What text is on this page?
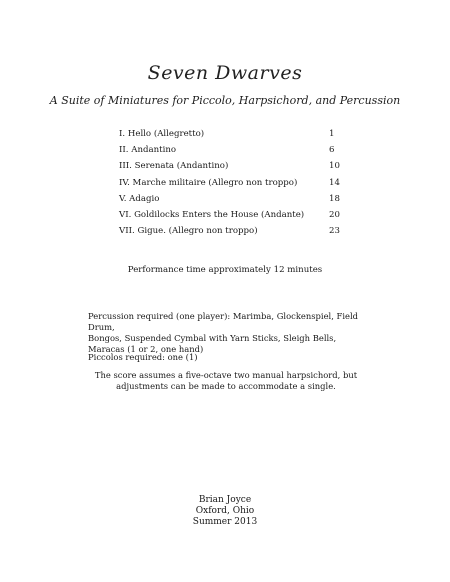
Seven Dwarves
A Suite of Miniatures for Piccolo, Harpsichord, and Percussion
I. Hello (Allegretto)	1
II. Andantino	6
III. Serenata (Andantino)	10
IV. Marche militaire (Allegro non troppo)	14
V. Adagio	18
VI. Goldilocks Enters the House (Andante)	20
VII. Gigue. (Allegro non troppo)	23
Performance time approximately 12 minutes
Percussion required (one player): Marimba, Glockenspiel, Field Drum,
Bongos, Suspended Cymbal with Yarn Sticks, Sleigh Bells,
Maracas (1 or 2, one hand)
Piccolos required: one (1)
The score assumes a five-octave two manual harpsichord, but
adjustments can be made to accommodate a single.
Brian Joyce
Oxford, Ohio
Summer 2013
